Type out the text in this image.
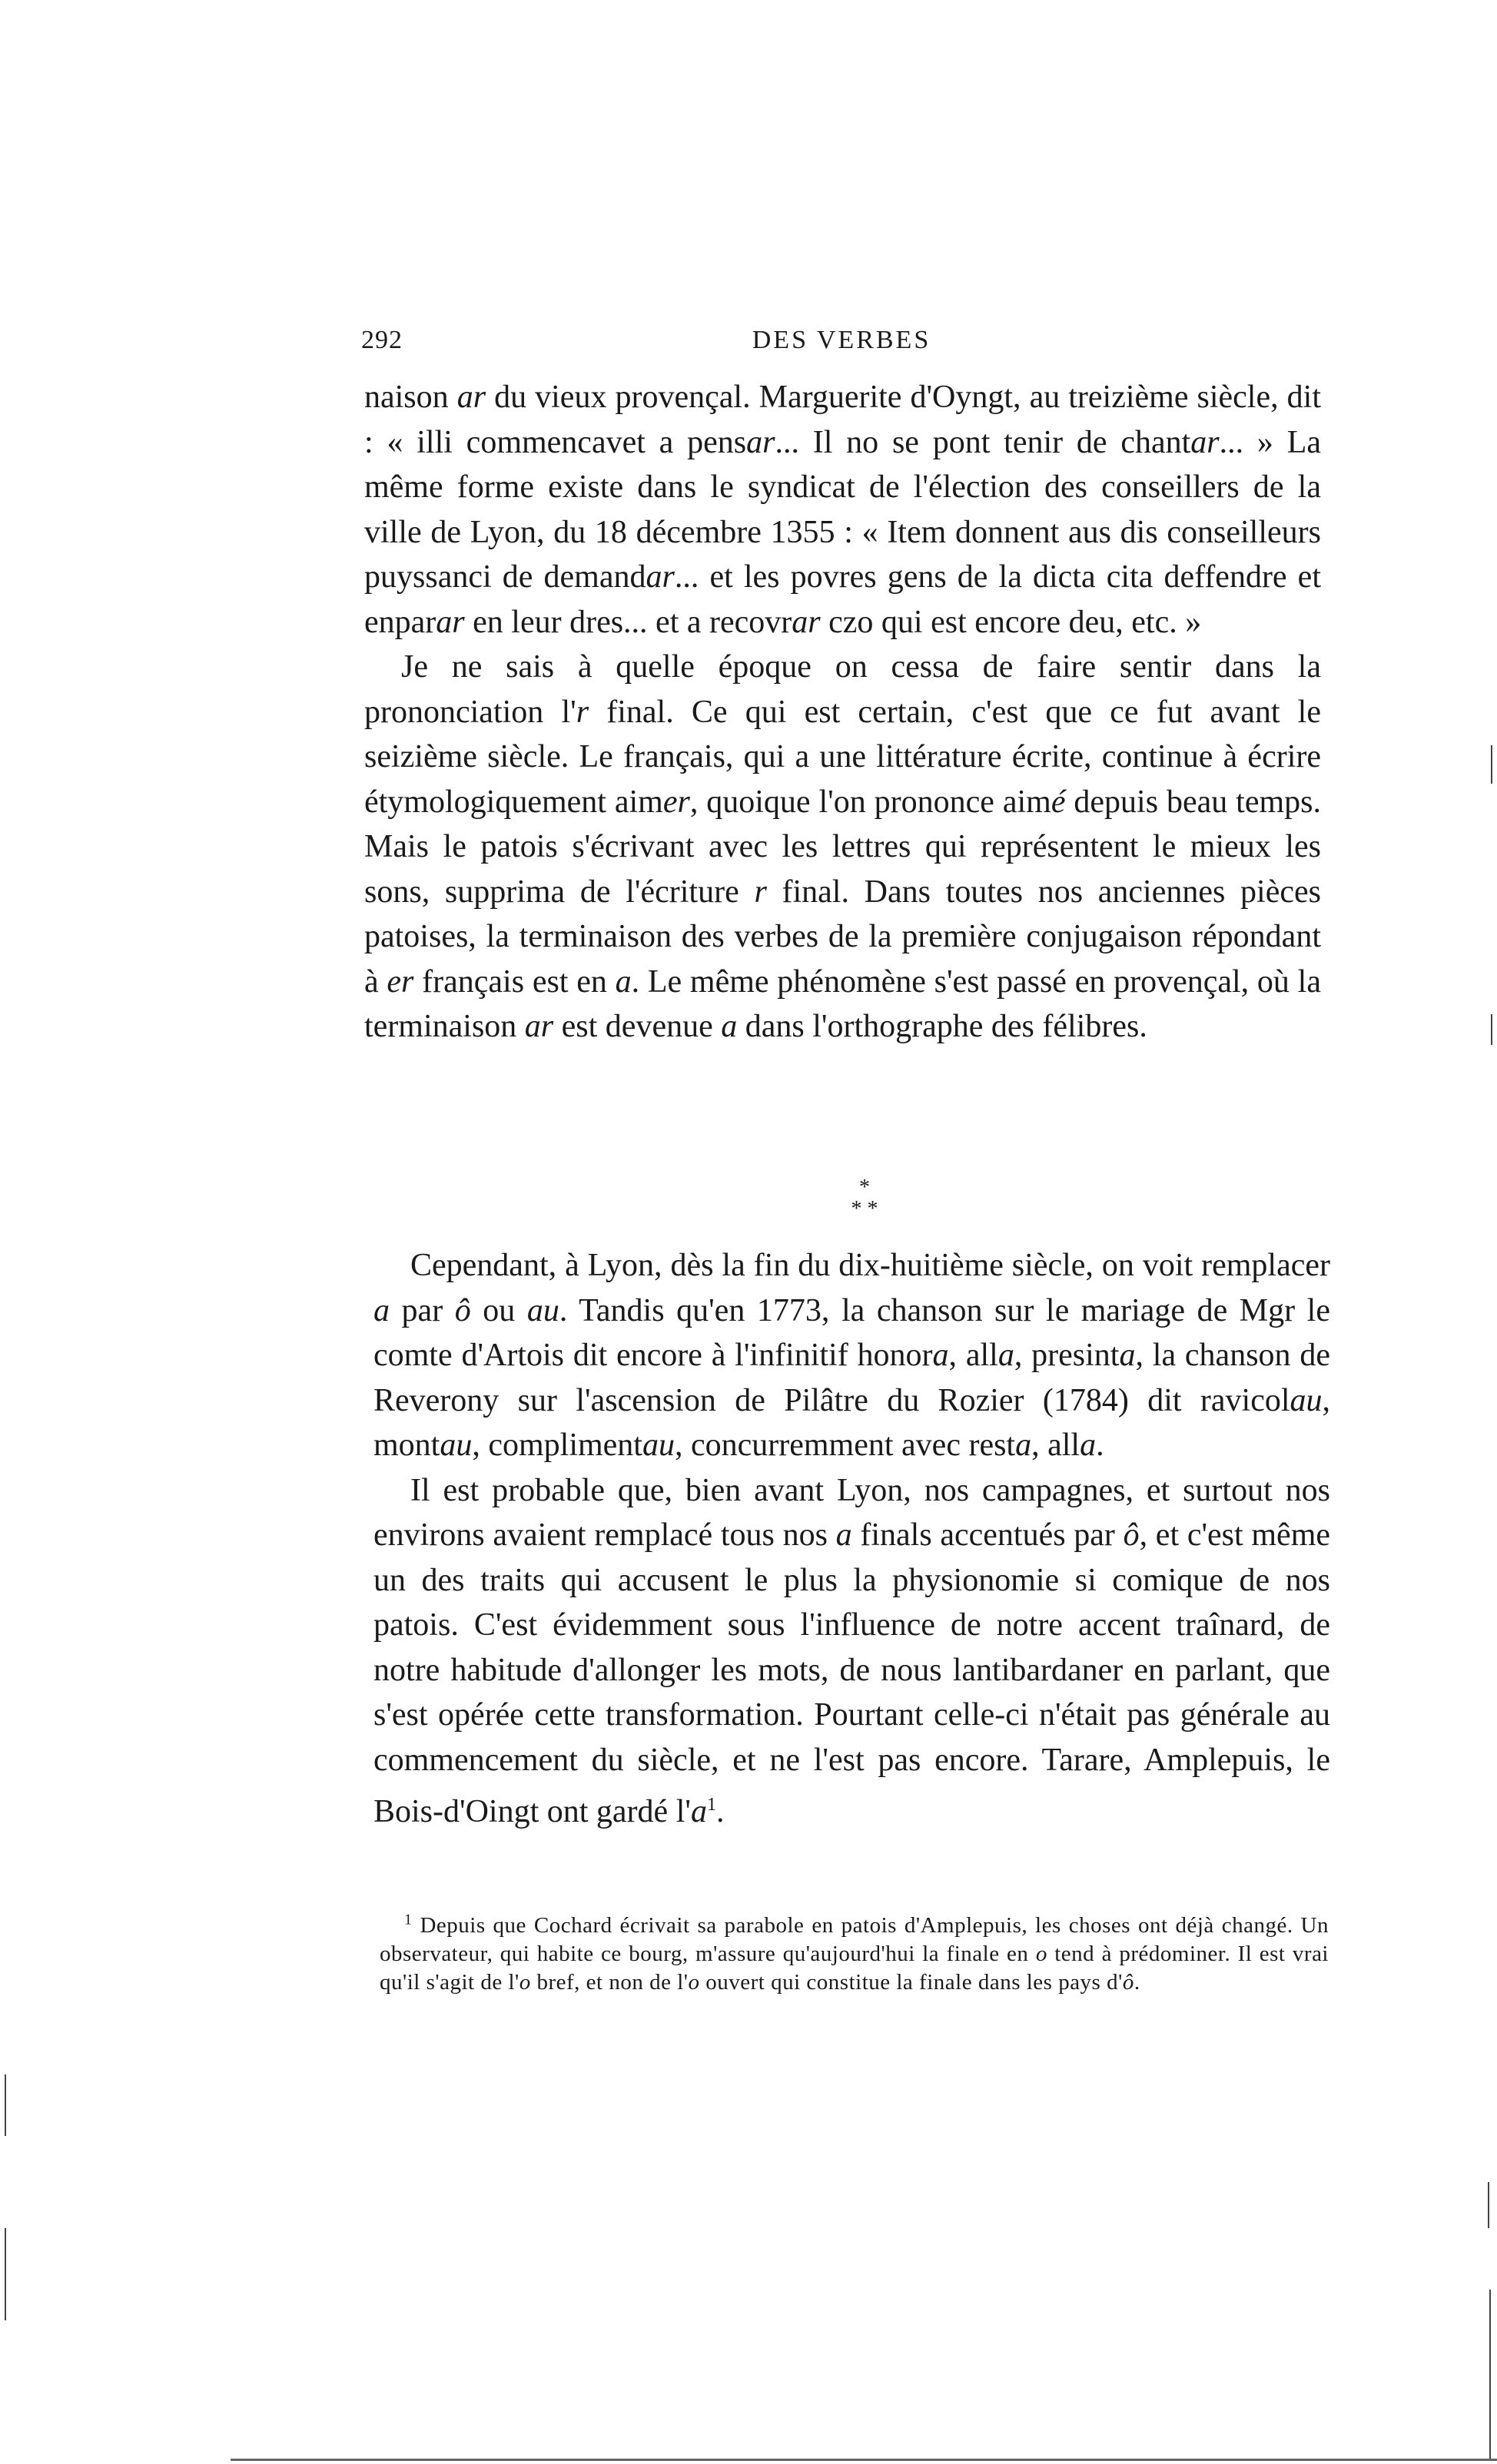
292	DES VERBES

naison ar du vieux provençal. Marguerite d'Oyngt, au treizième siècle, dit : « illi commencavet a pensar... Il no se pont tenir de chantar... » La même forme existe dans le syndicat de l'élection des conseillers de la ville de Lyon, du 18 décembre 1355 : « Item donnent aus dis conseilleurs puyssanci de demandar... et les povres gens de la dicta cita deffendre et enparar en leur dres... et a recovrar czo qui est encore deu, etc. »

Je ne sais à quelle époque on cessa de faire sentir dans la prononciation l'r final. Ce qui est certain, c'est que ce fut avant le seizième siècle. Le français, qui a une littérature écrite, continue à écrire étymologiquement aimer, quoique l'on prononce aimé depuis beau temps. Mais le patois s'écrivant avec les lettres qui représentent le mieux les sons, supprima de l'écriture r final. Dans toutes nos anciennes pièces patoises, la terminaison des verbes de la première conjugaison répondant à er français est en a. Le même phénomène s'est passé en provençal, où la terminaison ar est devenue a dans l'orthographe des félibres.

*
* *

Cependant, à Lyon, dès la fin du dix-huitième siècle, on voit remplacer a par ô ou au. Tandis qu'en 1773, la chanson sur le mariage de Mgr le comte d'Artois dit encore à l'infinitif honora, alla, presinta, la chanson de Reverony sur l'ascension de Pilâtre du Rozier (1784) dit ravicolau, montau, complimentau, concurremment avec resta, alla.

Il est probable que, bien avant Lyon, nos campagnes, et surtout nos environs avaient remplacé tous nos a finals accentués par ô, et c'est même un des traits qui accusent le plus la physionomie si comique de nos patois. C'est évidemment sous l'influence de notre accent traînard, de notre habitude d'allonger les mots, de nous lantibardaner en parlant, que s'est opérée cette transformation. Pourtant celle-ci n'était pas générale au commencement du siècle, et ne l'est pas encore. Tarare, Amplepuis, le Bois-d'Oingt ont gardé $l'a^1$.

$^1$ Depuis que Cochard écrivait sa parabole en patois d'Amplepuis, les choses ont déjà changé. Un observateur, qui habite ce bourg, m'assure qu'aujourd'hui la finale en o tend à prédominer. Il est vrai qu'il s'agit de l'o bref, et non de l'o ouvert qui constitue la finale dans les pays d'ô.
